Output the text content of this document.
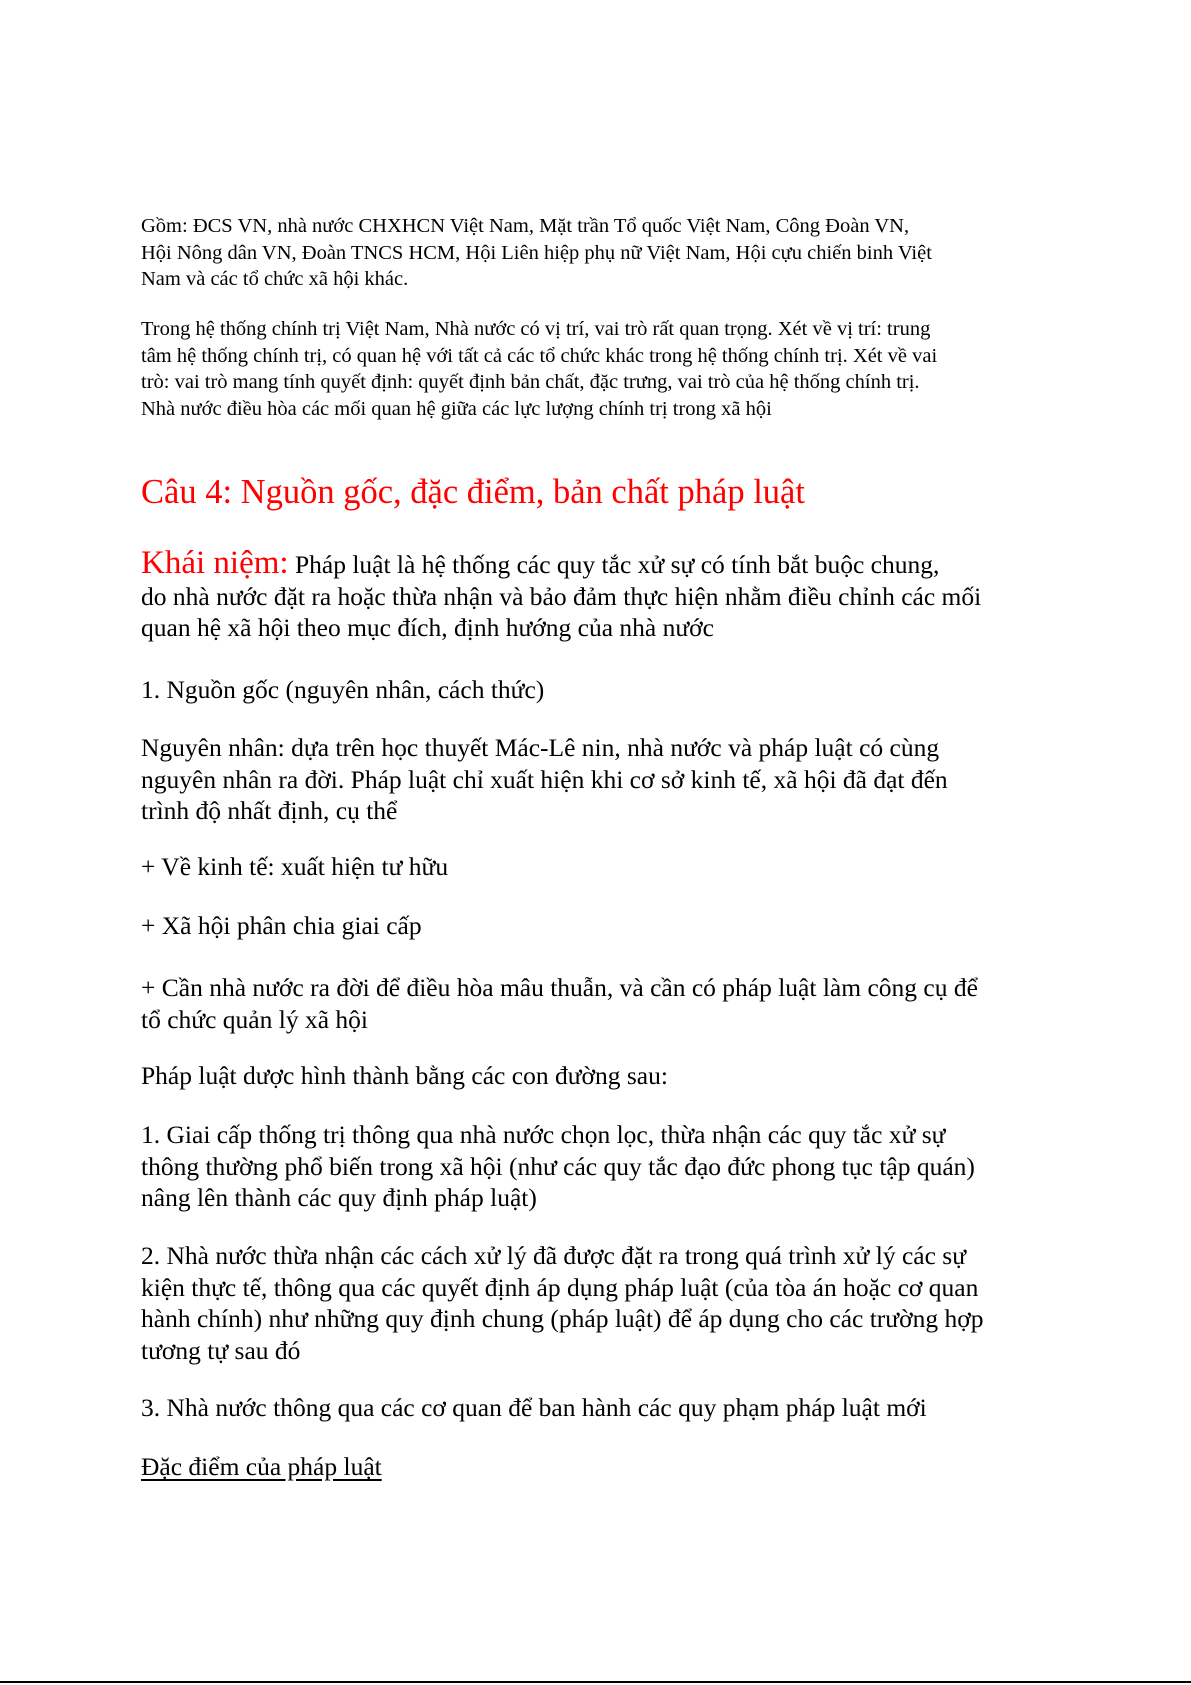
Gồm: ĐCS VN, nhà nước CHXHCN Việt Nam, Mặt trần Tổ quốc Việt Nam, Công Đoàn VN,
Hội Nông dân VN, Đoàn TNCS HCM, Hội Liên hiệp phụ nữ Việt Nam, Hội cựu chiến binh Việt
Nam và các tổ chức xã hội khác.

Trong hệ thống chính trị Việt Nam, Nhà nước có vị trí, vai trò rất quan trọng. Xét về vị trí: trung
tâm hệ thống chính trị, có quan hệ với tất cả các tổ chức khác trong hệ thống chính trị. Xét về vai
trò: vai trò mang tính quyết định: quyết định bản chất, đặc trưng, vai trò của hệ thống chính trị.
Nhà nước điều hòa các mối quan hệ giữa các lực lượng chính trị trong xã hội

Câu 4: Nguồn gốc, đặc điểm, bản chất pháp luật

Khái niệm: Pháp luật là hệ thống các quy tắc xử sự có tính bắt buộc chung,
do nhà nước đặt ra hoặc thừa nhận và bảo đảm thực hiện nhằm điều chỉnh các mối
quan hệ xã hội theo mục đích, định hướng của nhà nước

1. Nguồn gốc (nguyên nhân, cách thức)

Nguyên nhân: dựa trên học thuyết Mác-Lê nin, nhà nước và pháp luật có cùng
nguyên nhân ra đời. Pháp luật chỉ xuất hiện khi cơ sở kinh tế, xã hội đã đạt đến
trình độ nhất định, cụ thể

+ Về kinh tế: xuất hiện tư hữu

+ Xã hội phân chia giai cấp

+ Cần nhà nước ra đời để điều hòa mâu thuẫn, và cần có pháp luật làm công cụ để
tổ chức quản lý xã hội

Pháp luật dược hình thành bằng các con đường sau:

1. Giai cấp thống trị thông qua nhà nước chọn lọc, thừa nhận các quy tắc xử sự
thông thường phổ biến trong xã hội (như các quy tắc đạo đức phong tục tập quán)
nâng lên thành các quy định pháp luật)

2. Nhà nước thừa nhận các cách xử lý đã được đặt ra trong quá trình xử lý các sự
kiện thực tế, thông qua các quyết định áp dụng pháp luật (của tòa án hoặc cơ quan
hành chính) như những quy định chung (pháp luật) để áp dụng cho các trường hợp
tương tự sau đó

3. Nhà nước thông qua các cơ quan để ban hành các quy phạm pháp luật mới

Đặc điểm của pháp luật
